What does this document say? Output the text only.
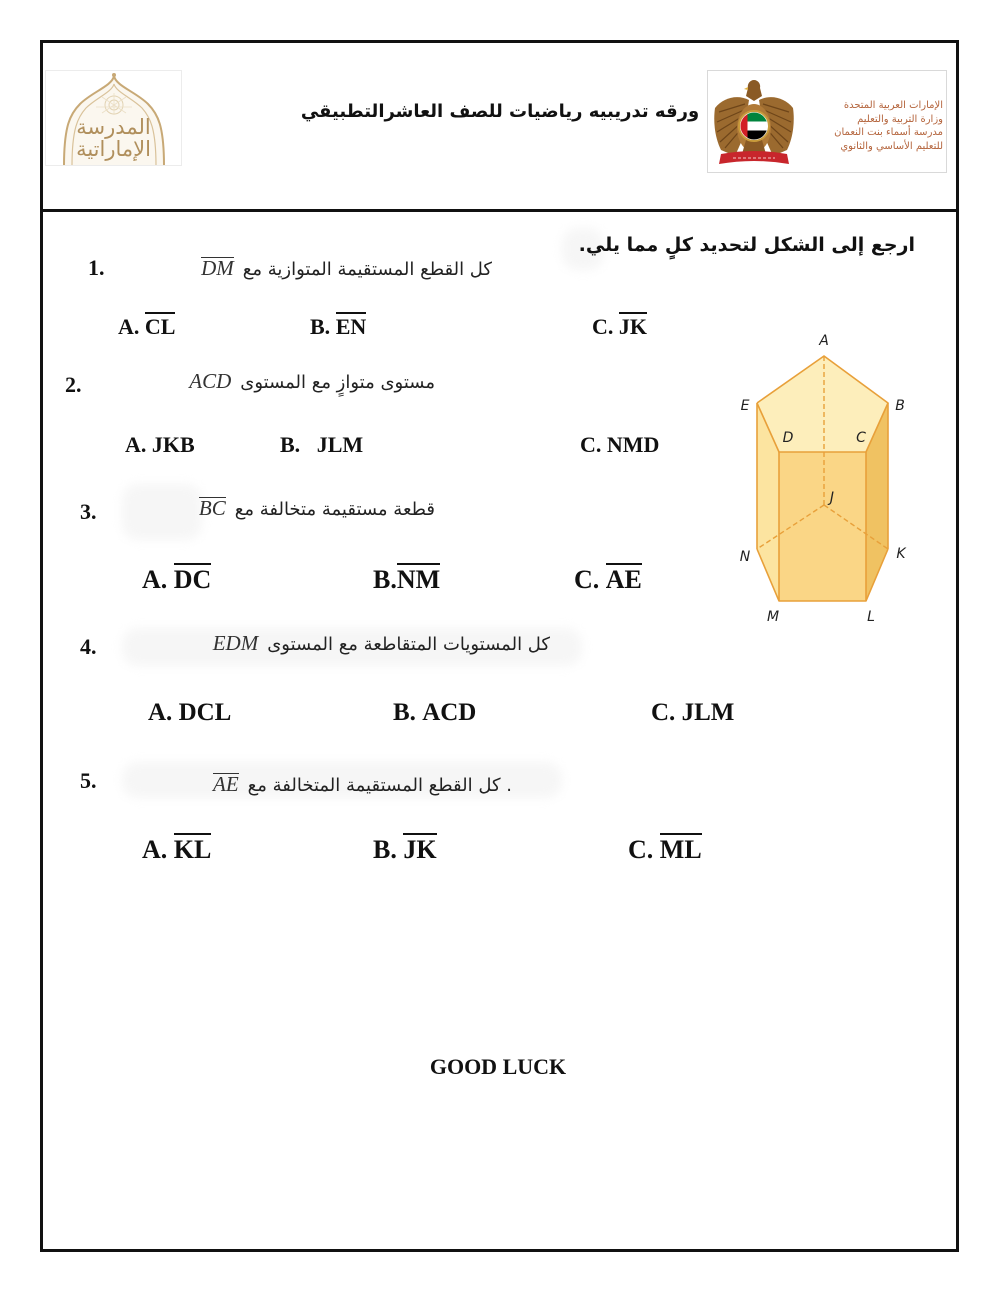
المدرسة
الإماراتية
ورقه تدريبيه رياضيات للصف العاشرالتطبيقي	الإمارات العربية المتحدة
وزارة التربية والتعليم
مدرسة أسماء بنت النعمان
للتعليم الأساسي والثانوي
ارجع إلى الشكل لتحديد كلٍ مما يلي.
1.	كل القطع المستقيمة المتوازية معDM
A. CL	B. EN	C. JK
2.	مستوى متوازٍ مع المستوىACD
A. JKB	B.   JLM	C. NMD
3.	قطعة مستقيمة متخالفة معBC
A. DC	B.NM	C. AE
4.	كل المستويات المتقاطعة مع المستوىEDM
A. DCL	B. ACD	C. JLM
5.	. كل القطع المستقيمة المتخالفة معAE
A. KL	B. JK	C. ML
A
E	B
D	C
J
N	K
M	L
GOOD LUCK
